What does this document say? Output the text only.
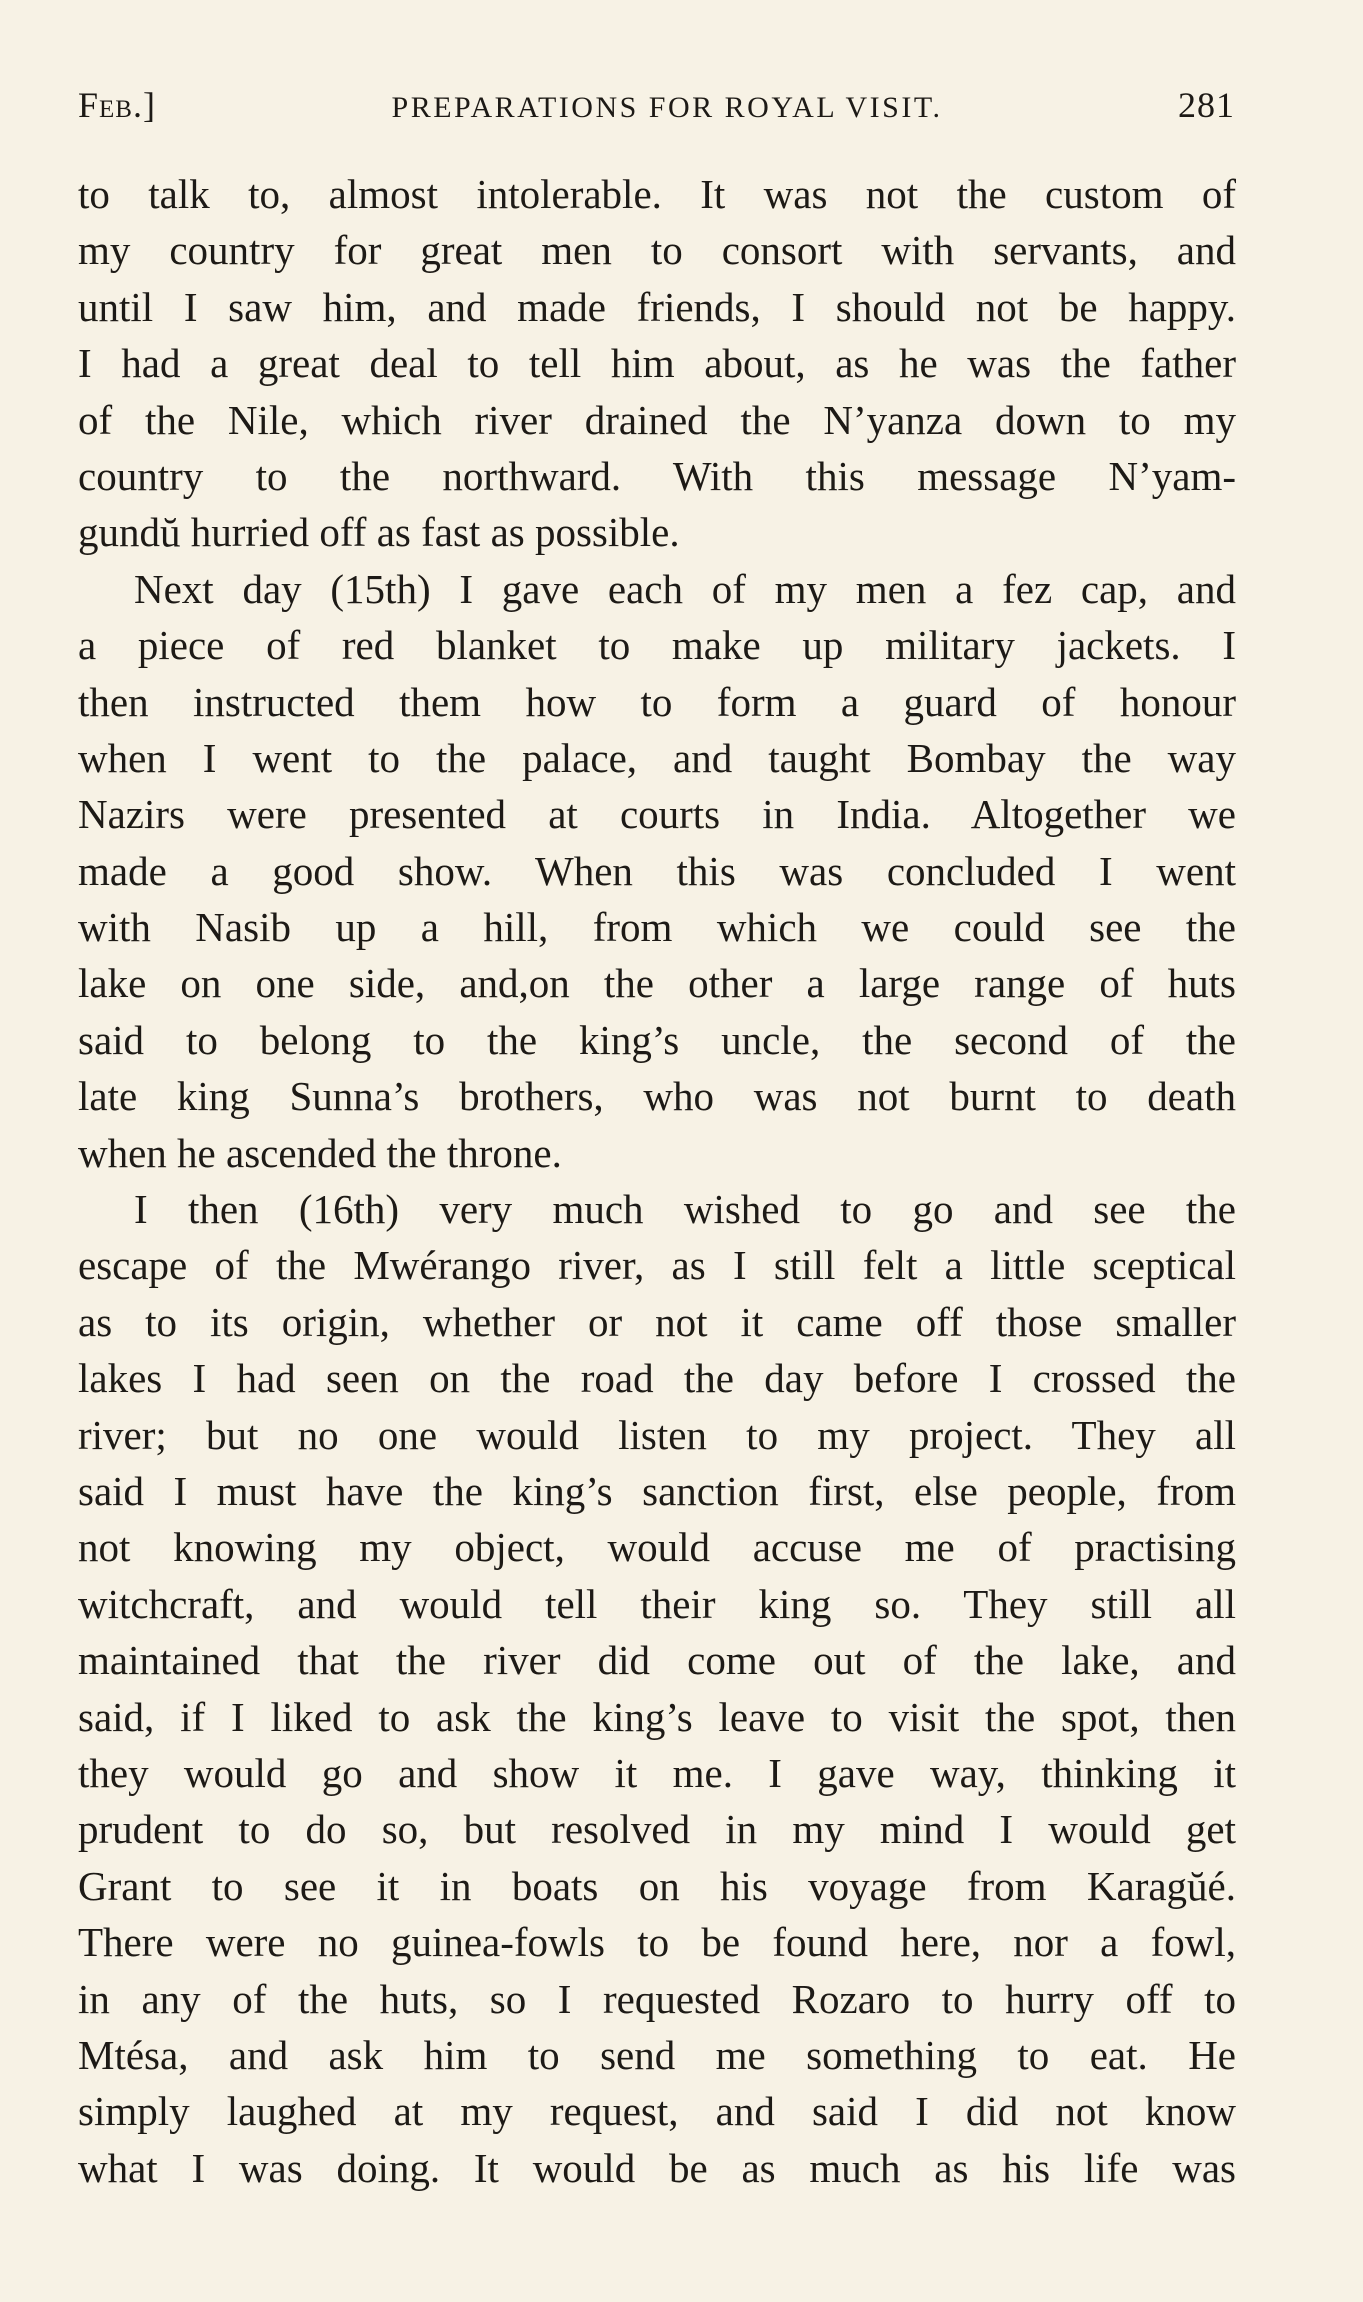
Feb.]	PREPARATIONS FOR ROYAL VISIT.	281
to talk to, almost intolerable. It was not the custom of
my country for great men to consort with servants, and
until I saw him, and made friends, I should not be happy.
I had a great deal to tell him about, as he was the father
of the Nile, which river drained the N’yanza down to my
country to the northward. With this message N’yam-
gundŭ hurried off as fast as possible.
Next day (15th) I gave each of my men a fez cap, and
a piece of red blanket to make up military jackets. I
then instructed them how to form a guard of honour
when I went to the palace, and taught Bombay the way
Nazirs were presented at courts in India. Altogether we
made a good show. When this was concluded I went
with Nasib up a hill, from which we could see the
lake on one side, and,on the other a large range of huts
said to belong to the king’s uncle, the second of the
late king Sunna’s brothers, who was not burnt to death
when he ascended the throne.
I then (16th) very much wished to go and see the
escape of the Mwérango river, as I still felt a little sceptical
as to its origin, whether or not it came off those smaller
lakes I had seen on the road the day before I crossed the
river; but no one would listen to my project. They all
said I must have the king’s sanction first, else people, from
not knowing my object, would accuse me of practising
witchcraft, and would tell their king so. They still all
maintained that the river did come out of the lake, and
said, if I liked to ask the king’s leave to visit the spot, then
they would go and show it me. I gave way, thinking it
prudent to do so, but resolved in my mind I would get
Grant to see it in boats on his voyage from Karagŭé.
There were no guinea-fowls to be found here, nor a fowl,
in any of the huts, so I requested Rozaro to hurry off to
Mtésa, and ask him to send me something to eat. He
simply laughed at my request, and said I did not know
what I was doing. It would be as much as his life was
